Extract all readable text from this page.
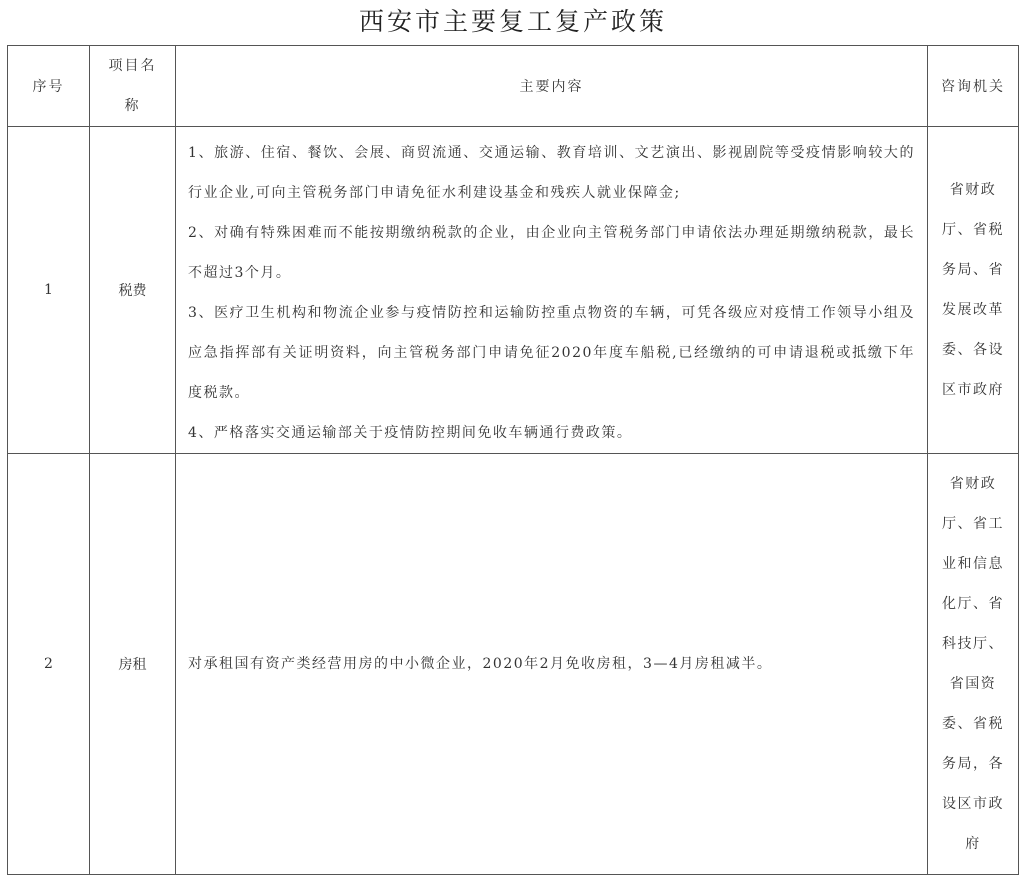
西安市主要复工复产政策
序号	项目名称	主要内容	咨询机关
1	税费	1、旅游、住宿、餐饮、会展、商贸流通、交通运输、教育培训、文艺演出、影视剧院等受疫情影响较大的行业企业,可向主管税务部门申请免征水利建设基金和残疾人就业保障金;

2、对确有特殊困难而不能按期缴纳税款的企业，由企业向主管税务部门申请依法办理延期缴纳税款，最长不超过3个月。

3、医疗卫生机构和物流企业参与疫情防控和运输防控重点物资的车辆，可凭各级应对疫情工作领导小组及应急指挥部有关证明资料，向主管税务部门申请免征2020年度车船税,已经缴纳的可申请退税或抵缴下年度税款。

4、严格落实交通运输部关于疫情防控期间免收车辆通行费政策。	省财政厅、省税务局、省发展改革委、各设区市政府
2	房租	对承租国有资产类经营用房的中小微企业，2020年2月免收房租，3—4月房租减半。	省财政厅、省工业和信息化厅、省科技厅、省国资委、省税务局，各设区市政府
